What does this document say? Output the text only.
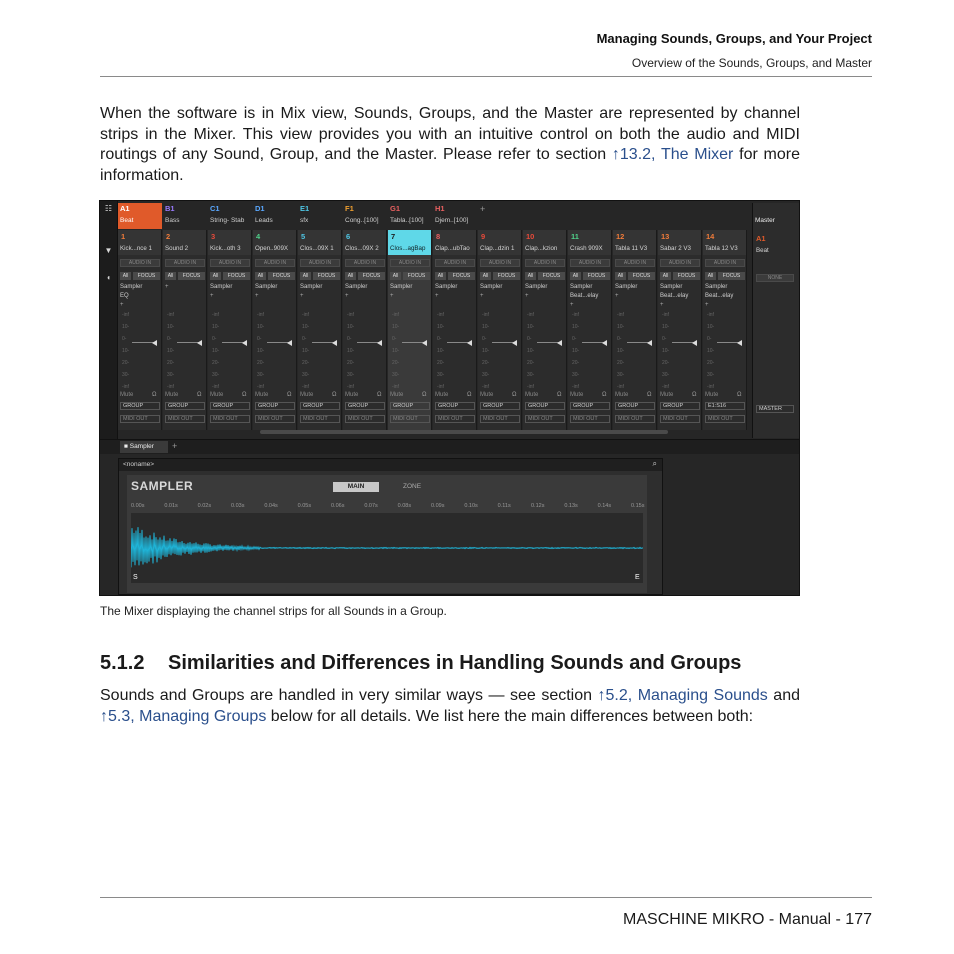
Managing Sounds, Groups, and Your Project
Overview of the Sounds, Groups, and Master
When the software is in Mix view, Sounds, Groups, and the Master are represented by channel strips in the Mixer. This view provides you with an intuitive control on both the audio and MIDI routings of any Sound, Group, and the Master. Please refer to section ↑13.2, The Mixer for more information.
☷
▼
◖
A1
Beat
B1
Bass
C1
String- Stab
D1
Leads
E1
sfx
F1
Cong..[100]
G1
Tabla..[100]
H1
Djem..[100]
+
1
Kick...nce 1
AUDIO IN
All	FOCUS
Sampler
EQ
+
-inf
10-
0-
10-
20-
30-
-inf
Mute	Ω
GROUP
MIDI OUT
2
Sound 2
AUDIO IN
All	FOCUS
+
-inf
10-
0-
10-
20-
30-
-inf
Mute	Ω
GROUP
MIDI OUT
3
Kick...oth 3
AUDIO IN
All	FOCUS
Sampler
+
-inf
10-
0-
10-
20-
30-
-inf
Mute	Ω
GROUP
MIDI OUT
4
Open..909X
AUDIO IN
All	FOCUS
Sampler
+
-inf
10-
0-
10-
20-
30-
-inf
Mute	Ω
GROUP
MIDI OUT
5
Clos...09X 1
AUDIO IN
All	FOCUS
Sampler
+
-inf
10-
0-
10-
20-
30-
-inf
Mute	Ω
GROUP
MIDI OUT
6
Clos...09X 2
AUDIO IN
All	FOCUS
Sampler
+
-inf
10-
0-
10-
20-
30-
-inf
Mute	Ω
GROUP
MIDI OUT
7
Clos...agBap
AUDIO IN
All	FOCUS
Sampler
+
-inf
10-
0-
10-
20-
30-
-inf
Mute	Ω
GROUP
MIDI OUT
8
Clap...ubTao
AUDIO IN
All	FOCUS
Sampler
+
-inf
10-
0-
10-
20-
30-
-inf
Mute	Ω
GROUP
MIDI OUT
9
Clap...dzin 1
AUDIO IN
All	FOCUS
Sampler
+
-inf
10-
0-
10-
20-
30-
-inf
Mute	Ω
GROUP
MIDI OUT
10
Clap...kzion
AUDIO IN
All	FOCUS
Sampler
+
-inf
10-
0-
10-
20-
30-
-inf
Mute	Ω
GROUP
MIDI OUT
11
Crash 909X
AUDIO IN
All	FOCUS
Sampler
Beat...elay
+
-inf
10-
0-
10-
20-
30-
-inf
Mute	Ω
GROUP
MIDI OUT
12
Tabla 11 V3
AUDIO IN
All	FOCUS
Sampler
+
-inf
10-
0-
10-
20-
30-
-inf
Mute	Ω
GROUP
MIDI OUT
13
Sabar 2 V3
AUDIO IN
All	FOCUS
Sampler
Beat...elay
+
-inf
10-
0-
10-
20-
30-
-inf
Mute	Ω
GROUP
MIDI OUT
14
Tabla 12 V3
AUDIO IN
All	FOCUS
Sampler
Beat...elay
+
-inf
10-
0-
10-
20-
30-
-inf
Mute	Ω
E1:S16
MIDI OUT
Master
A1
Beat
NONE
MASTER
■ Sampler	+
<noname>	⌕
SAMPLER	MAIN	ZONE
0.00s	0.01s	0.02s	0.03s	0.04s	0.05s	0.06s	0.07s	0.08s	0.09s	0.10s	0.11s	0.12s	0.13s	0.14s	0.15s
S	E
The Mixer displaying the channel strips for all Sounds in a Group.
5.1.2 Similarities and Differences in Handling Sounds and Groups
Sounds and Groups are handled in very similar ways — see section ↑5.2, Managing Sounds and ↑5.3, Managing Groups below for all details. We list here the main differences between both:
MASCHINE MIKRO - Manual - 177
